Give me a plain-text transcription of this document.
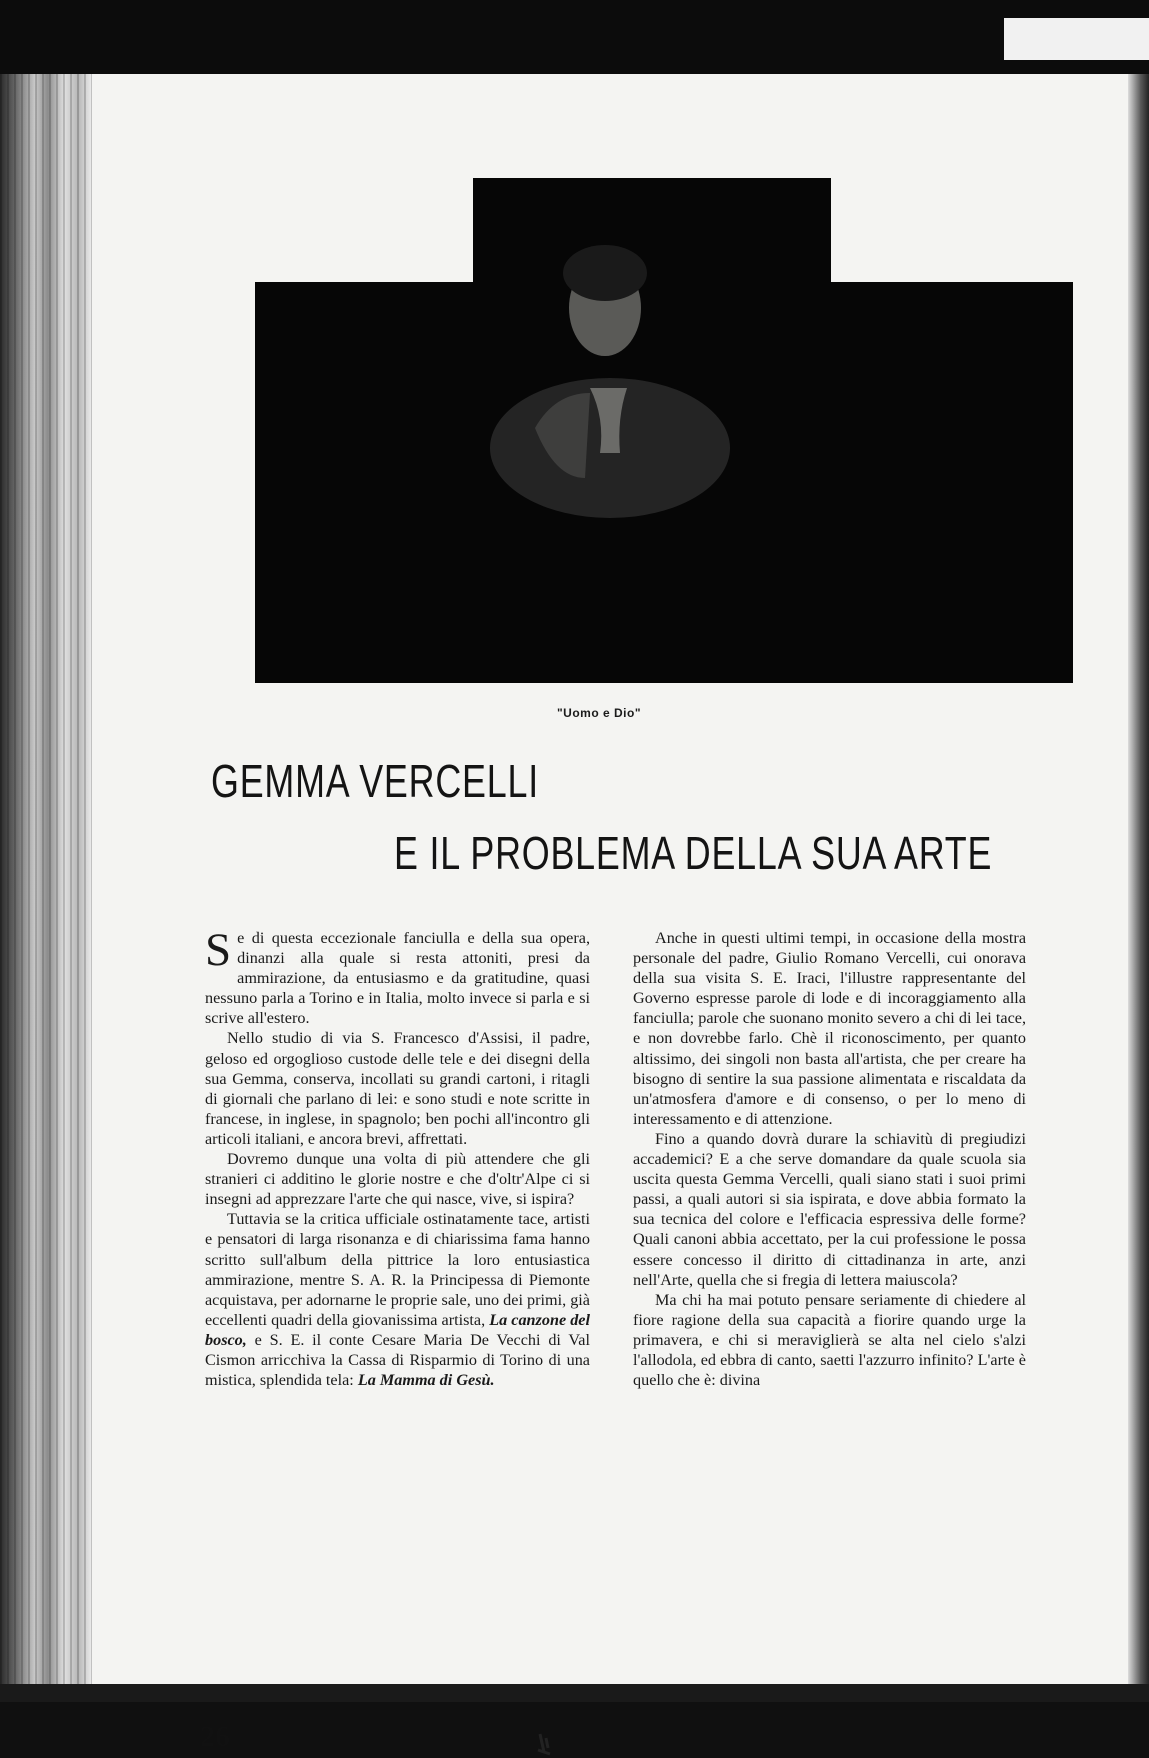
"Uomo e Dio"
GEMMA VERCELLI
E IL PROBLEMA DELLA SUA ARTE

Se di questa eccezionale fanciulla e della sua opera, dinanzi alla quale si resta attoniti, presi da ammirazione, da entusiasmo e da gratitudine, quasi nessuno parla a Torino e in Italia, molto invece si parla e si scrive all'estero.

Nello studio di via S. Francesco d'Assisi, il padre, geloso ed orgoglioso custode delle tele e dei disegni della sua Gemma, conserva, incollati su grandi cartoni, i ritagli di giornali che parlano di lei: e sono studi e note scritte in francese, in inglese, in spagnolo; ben pochi all'incontro gli articoli italiani, e ancora brevi, affrettati.

Dovremo dunque una volta di più attendere che gli stranieri ci additino le glorie nostre e che d'oltr'Alpe ci si insegni ad apprezzare l'arte che qui nasce, vive, si ispira?

Tuttavia se la critica ufficiale ostinatamente tace, artisti e pensatori di larga risonanza e di chiarissima fama hanno scritto sull'album della pittrice la loro entusiastica ammirazione, mentre S. A. R. la Principessa di Piemonte acquistava, per adornarne le proprie sale, uno dei primi, già eccellenti quadri della giovanissima artista, La canzone del bosco, e S. E. il conte Cesare Maria De Vecchi di Val Cismon arricchiva la Cassa di Risparmio di Torino di una mistica, splendida tela: La Mamma di Gesù.

Anche in questi ultimi tempi, in occasione della mostra personale del padre, Giulio Romano Vercelli, cui onorava della sua visita S. E. Iraci, l'illustre rappresentante del Governo espresse parole di lode e di incoraggiamento alla fanciulla; parole che suonano monito severo a chi di lei tace, e non dovrebbe farlo. Chè il riconoscimento, per quanto altissimo, dei singoli non basta all'artista, che per creare ha bisogno di sentire la sua passione alimentata e riscaldata da un'atmosfera d'amore e di consenso, o per lo meno di interessamento e di attenzione.

Fino a quando dovrà durare la schiavitù di pregiudizi accademici? E a che serve domandare da quale scuola sia uscita questa Gemma Vercelli, quali siano stati i suoi primi passi, a quali autori si sia ispirata, e dove abbia formato la sua tecnica del colore e l'efficacia espressiva delle forme? Quali canoni abbia accettato, per la cui professione le possa essere concesso il diritto di cittadinanza in arte, anzi nell'Arte, quella che si fregia di lettera maiuscola?

Ma chi ha mai potuto pensare seriamente di chiedere al fiore ragione della sua capacità a fiorire quando urge la primavera, e chi si meraviglierà se alta nel cielo s'alzi l'allodola, ed ebbra di canto, saetti l'azzurro infinito? L'arte è quello che è: divina

26
